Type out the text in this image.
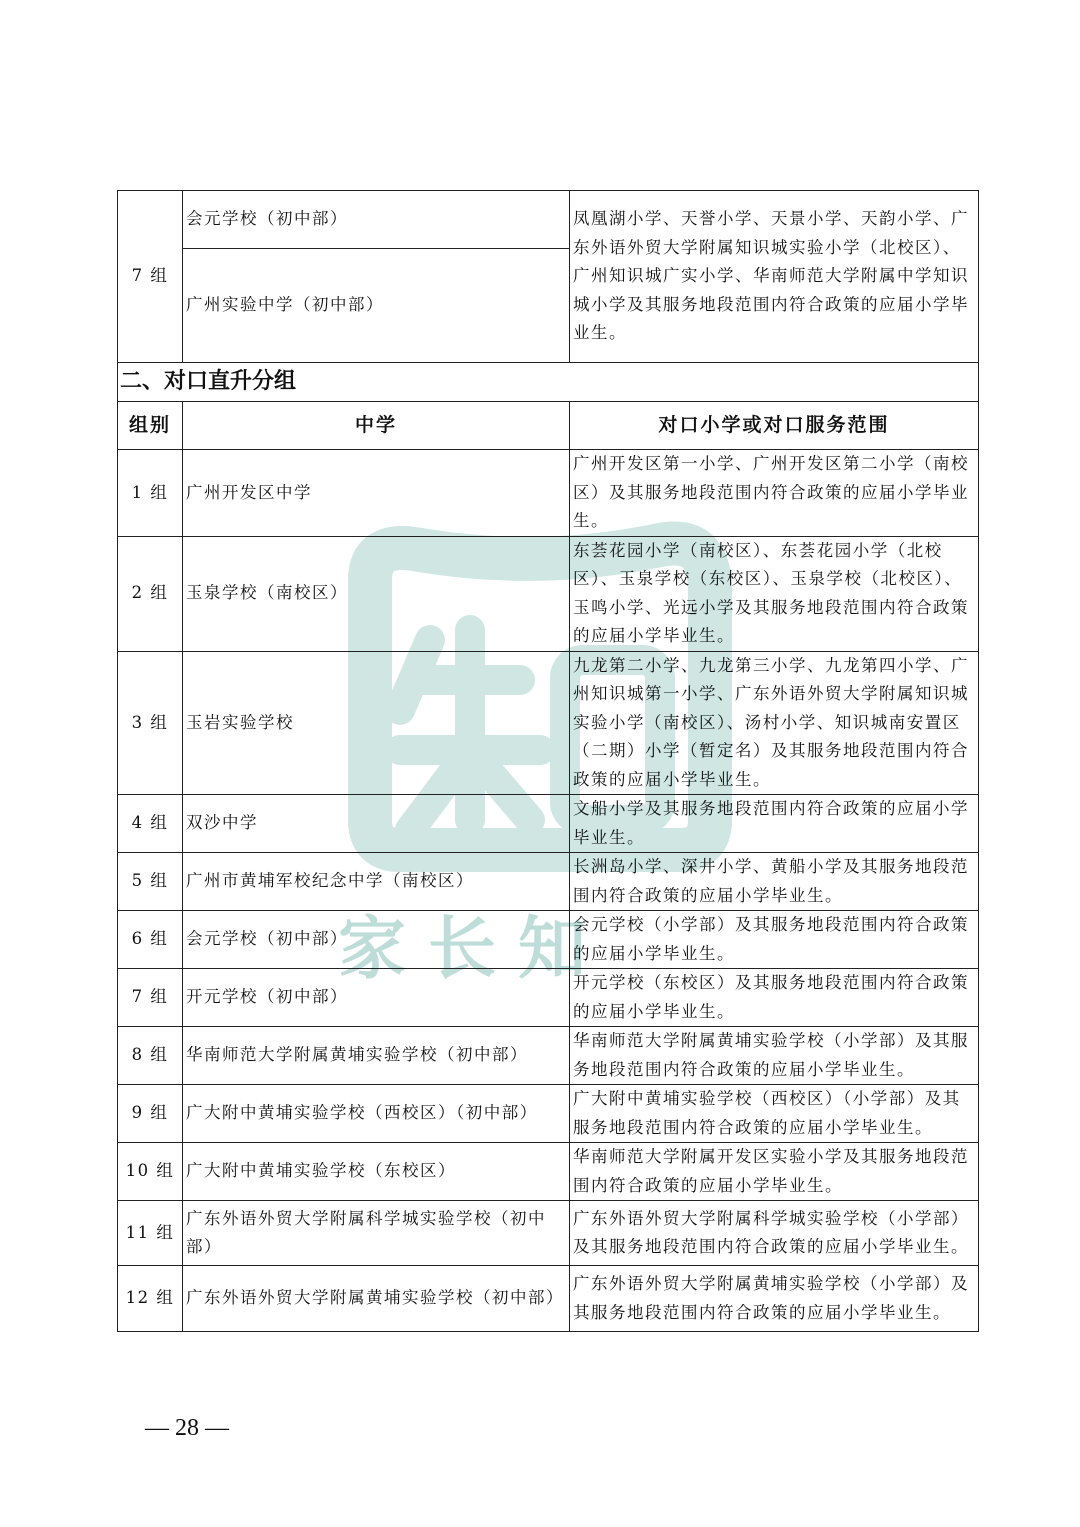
家长知
7 组	会元学校（初中部）	凤凰湖小学、天誉小学、天景小学、天韵小学、广东外语外贸大学附属知识城实验小学（北校区）、广州知识城广实小学、华南师范大学附属中学知识城小学及其服务地段范围内符合政策的应届小学毕业生。
	广州实验中学（初中部）	
二、对口直升分组		
组别	中学	对口小学或对口服务范围
1 组	广州开发区中学	广州开发区第一小学、广州开发区第二小学（南校区）及其服务地段范围内符合政策的应届小学毕业生。
2 组	玉泉学校（南校区）	东荟花园小学（南校区）、东荟花园小学（北校区）、玉泉学校（东校区）、玉泉学校（北校区）、玉鸣小学、光远小学及其服务地段范围内符合政策的应届小学毕业生。
3 组	玉岩实验学校	九龙第二小学、九龙第三小学、九龙第四小学、广州知识城第一小学、广东外语外贸大学附属知识城实验小学（南校区）、汤村小学、知识城南安置区（二期）小学（暂定名）及其服务地段范围内符合政策的应届小学毕业生。
4 组	双沙中学	文船小学及其服务地段范围内符合政策的应届小学毕业生。
5 组	广州市黄埔军校纪念中学（南校区）	长洲岛小学、深井小学、黄船小学及其服务地段范围内符合政策的应届小学毕业生。
6 组	会元学校（初中部）	会元学校（小学部）及其服务地段范围内符合政策的应届小学毕业生。
7 组	开元学校（初中部）	开元学校（东校区）及其服务地段范围内符合政策的应届小学毕业生。
8 组	华南师范大学附属黄埔实验学校（初中部）	华南师范大学附属黄埔实验学校（小学部）及其服务地段范围内符合政策的应届小学毕业生。
9 组	广大附中黄埔实验学校（西校区）（初中部）	广大附中黄埔实验学校（西校区）（小学部）及其服务地段范围内符合政策的应届小学毕业生。
10 组	广大附中黄埔实验学校（东校区）	华南师范大学附属开发区实验小学及其服务地段范围内符合政策的应届小学毕业生。
11 组	广东外语外贸大学附属科学城实验学校（初中部）	广东外语外贸大学附属科学城实验学校（小学部）及其服务地段范围内符合政策的应届小学毕业生。
12 组	广东外语外贸大学附属黄埔实验学校（初中部）	广东外语外贸大学附属黄埔实验学校（小学部）及其服务地段范围内符合政策的应届小学毕业生。
— 28 —
